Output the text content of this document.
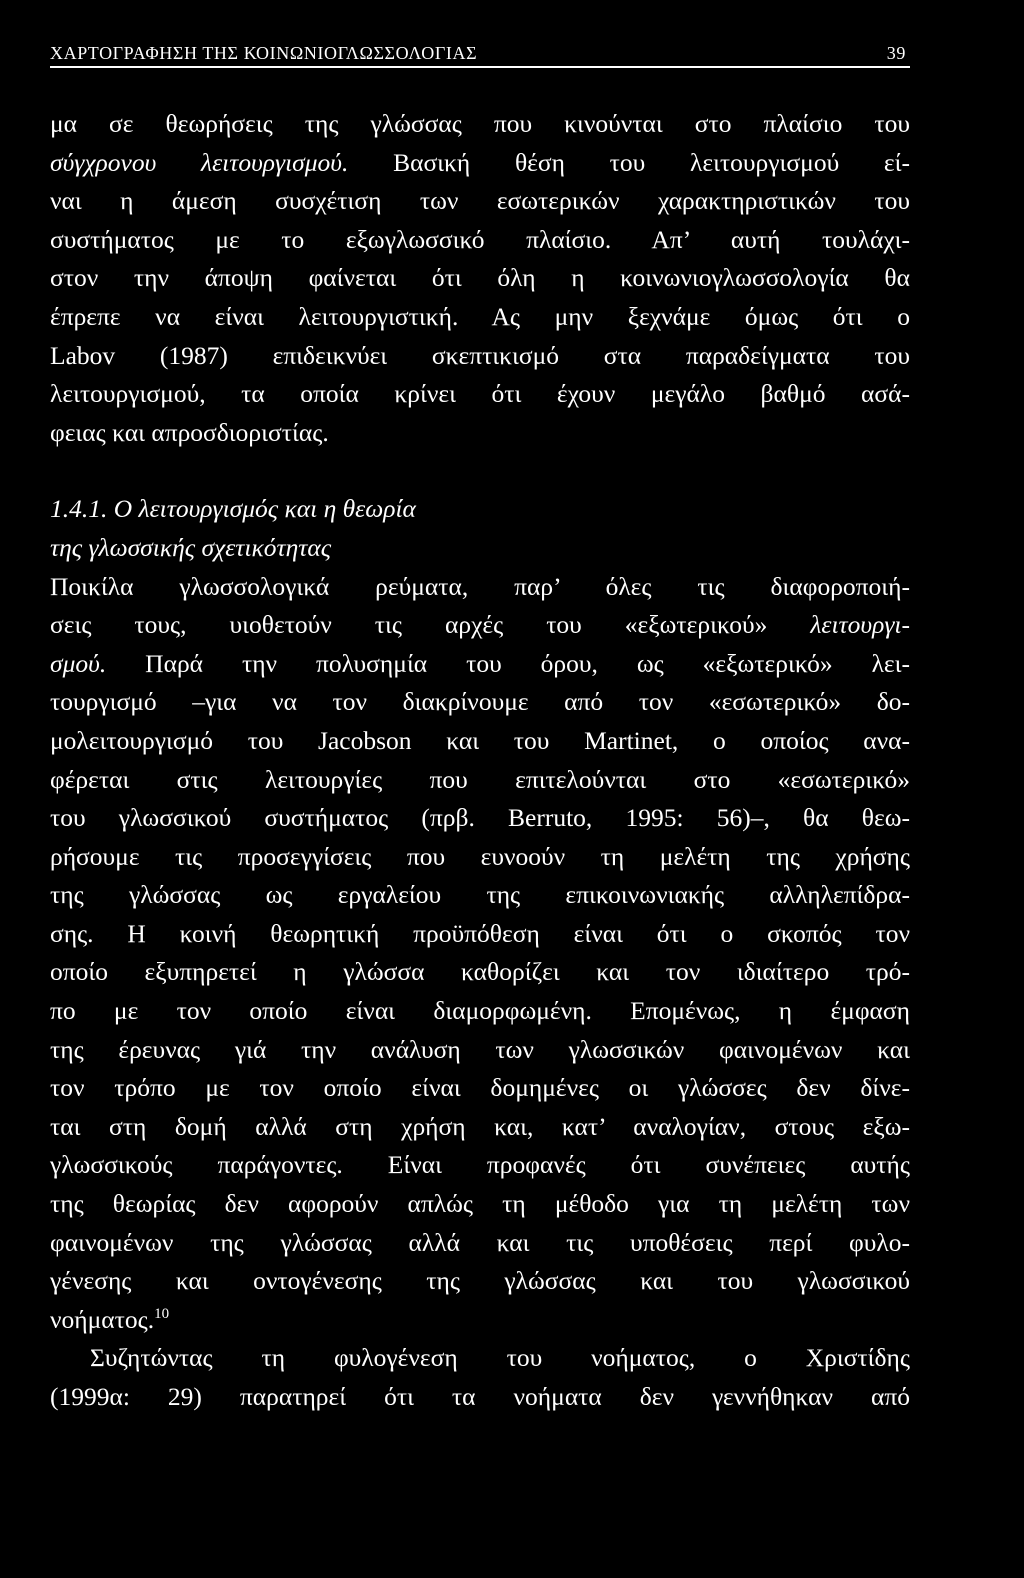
ΧΑΡΤΟΓΡΑΦΗΣΗ ΤΗΣ ΚΟΙΝΩΝΙΟΓΛΩΣΣΟΛΟΓΙΑΣ	39

μα σε θεωρήσεις της γλώσσας που κινούνται στο πλαίσιο του
σύγχρονου λειτουργισμού. Βασική θέση του λειτουργισμού εί-
ναι η άμεση συσχέτιση των εσωτερικών χαρακτηριστικών του
συστήματος με το εξωγλωσσικό πλαίσιο. Απ’ αυτή τουλάχι-
στον την άποψη φαίνεται ότι όλη η κοινωνιογλωσσολογία θα
έπρεπε να είναι λειτουργιστική. Ας μην ξεχνάμε όμως ότι ο
Labov (1987) επιδεικνύει σκεπτικισμό στα παραδείγματα του
λειτουργισμού, τα οποία κρίνει ότι έχουν μεγάλο βαθμό ασά-
φειας και απροσδιοριστίας.

1.4.1. Ο λειτουργισμός και η θεωρία
της γλωσσικής σχετικότητας

Ποικίλα γλωσσολογικά ρεύματα, παρ’ όλες τις διαφοροποιή-
σεις τους, υιοθετούν τις αρχές του «εξωτερικού» λειτουργι-
σμού. Παρά την πολυσημία του όρου, ως «εξωτερικό» λει-
τουργισμό –για να τον διακρίνουμε από τον «εσωτερικό» δο-
μολειτουργισμό του Jacobson και του Martinet, ο οποίος ανα-
φέρεται στις λειτουργίες που επιτελούνται στο «εσωτερικό»
του γλωσσικού συστήματος (πρβ. Berruto, 1995: 56)–, θα θεω-
ρήσουμε τις προσεγγίσεις που ευνοούν τη μελέτη της χρήσης
της γλώσσας ως εργαλείου της επικοινωνιακής αλληλεπίδρα-
σης. Η κοινή θεωρητική προϋπόθεση είναι ότι ο σκοπός τον
οποίο εξυπηρετεί η γλώσσα καθορίζει και τον ιδιαίτερο τρό-
πο με τον οποίο είναι διαμορφωμένη. Επομένως, η έμφαση
της έρευνας γιά την ανάλυση των γλωσσικών φαινομένων και
τον τρόπο με τον οποίο είναι δομημένες οι γλώσσες δεν δίνε-
ται στη δομή αλλά στη χρήση και, κατ’ αναλογίαν, στους εξω-
γλωσσικούς παράγοντες. Είναι προφανές ότι συνέπειες αυτής
της θεωρίας δεν αφορούν απλώς τη μέθοδο για τη μελέτη των
φαινομένων της γλώσσας αλλά και τις υποθέσεις περί φυλο-
γένεσης και οντογένεσης της γλώσσας και του γλωσσικού
νοήματος.$^{10}$

Συζητώντας τη φυλογένεση του νοήματος, ο Χριστίδης
(1999α: 29) παρατηρεί ότι τα νοήματα δεν γεννήθηκαν από
